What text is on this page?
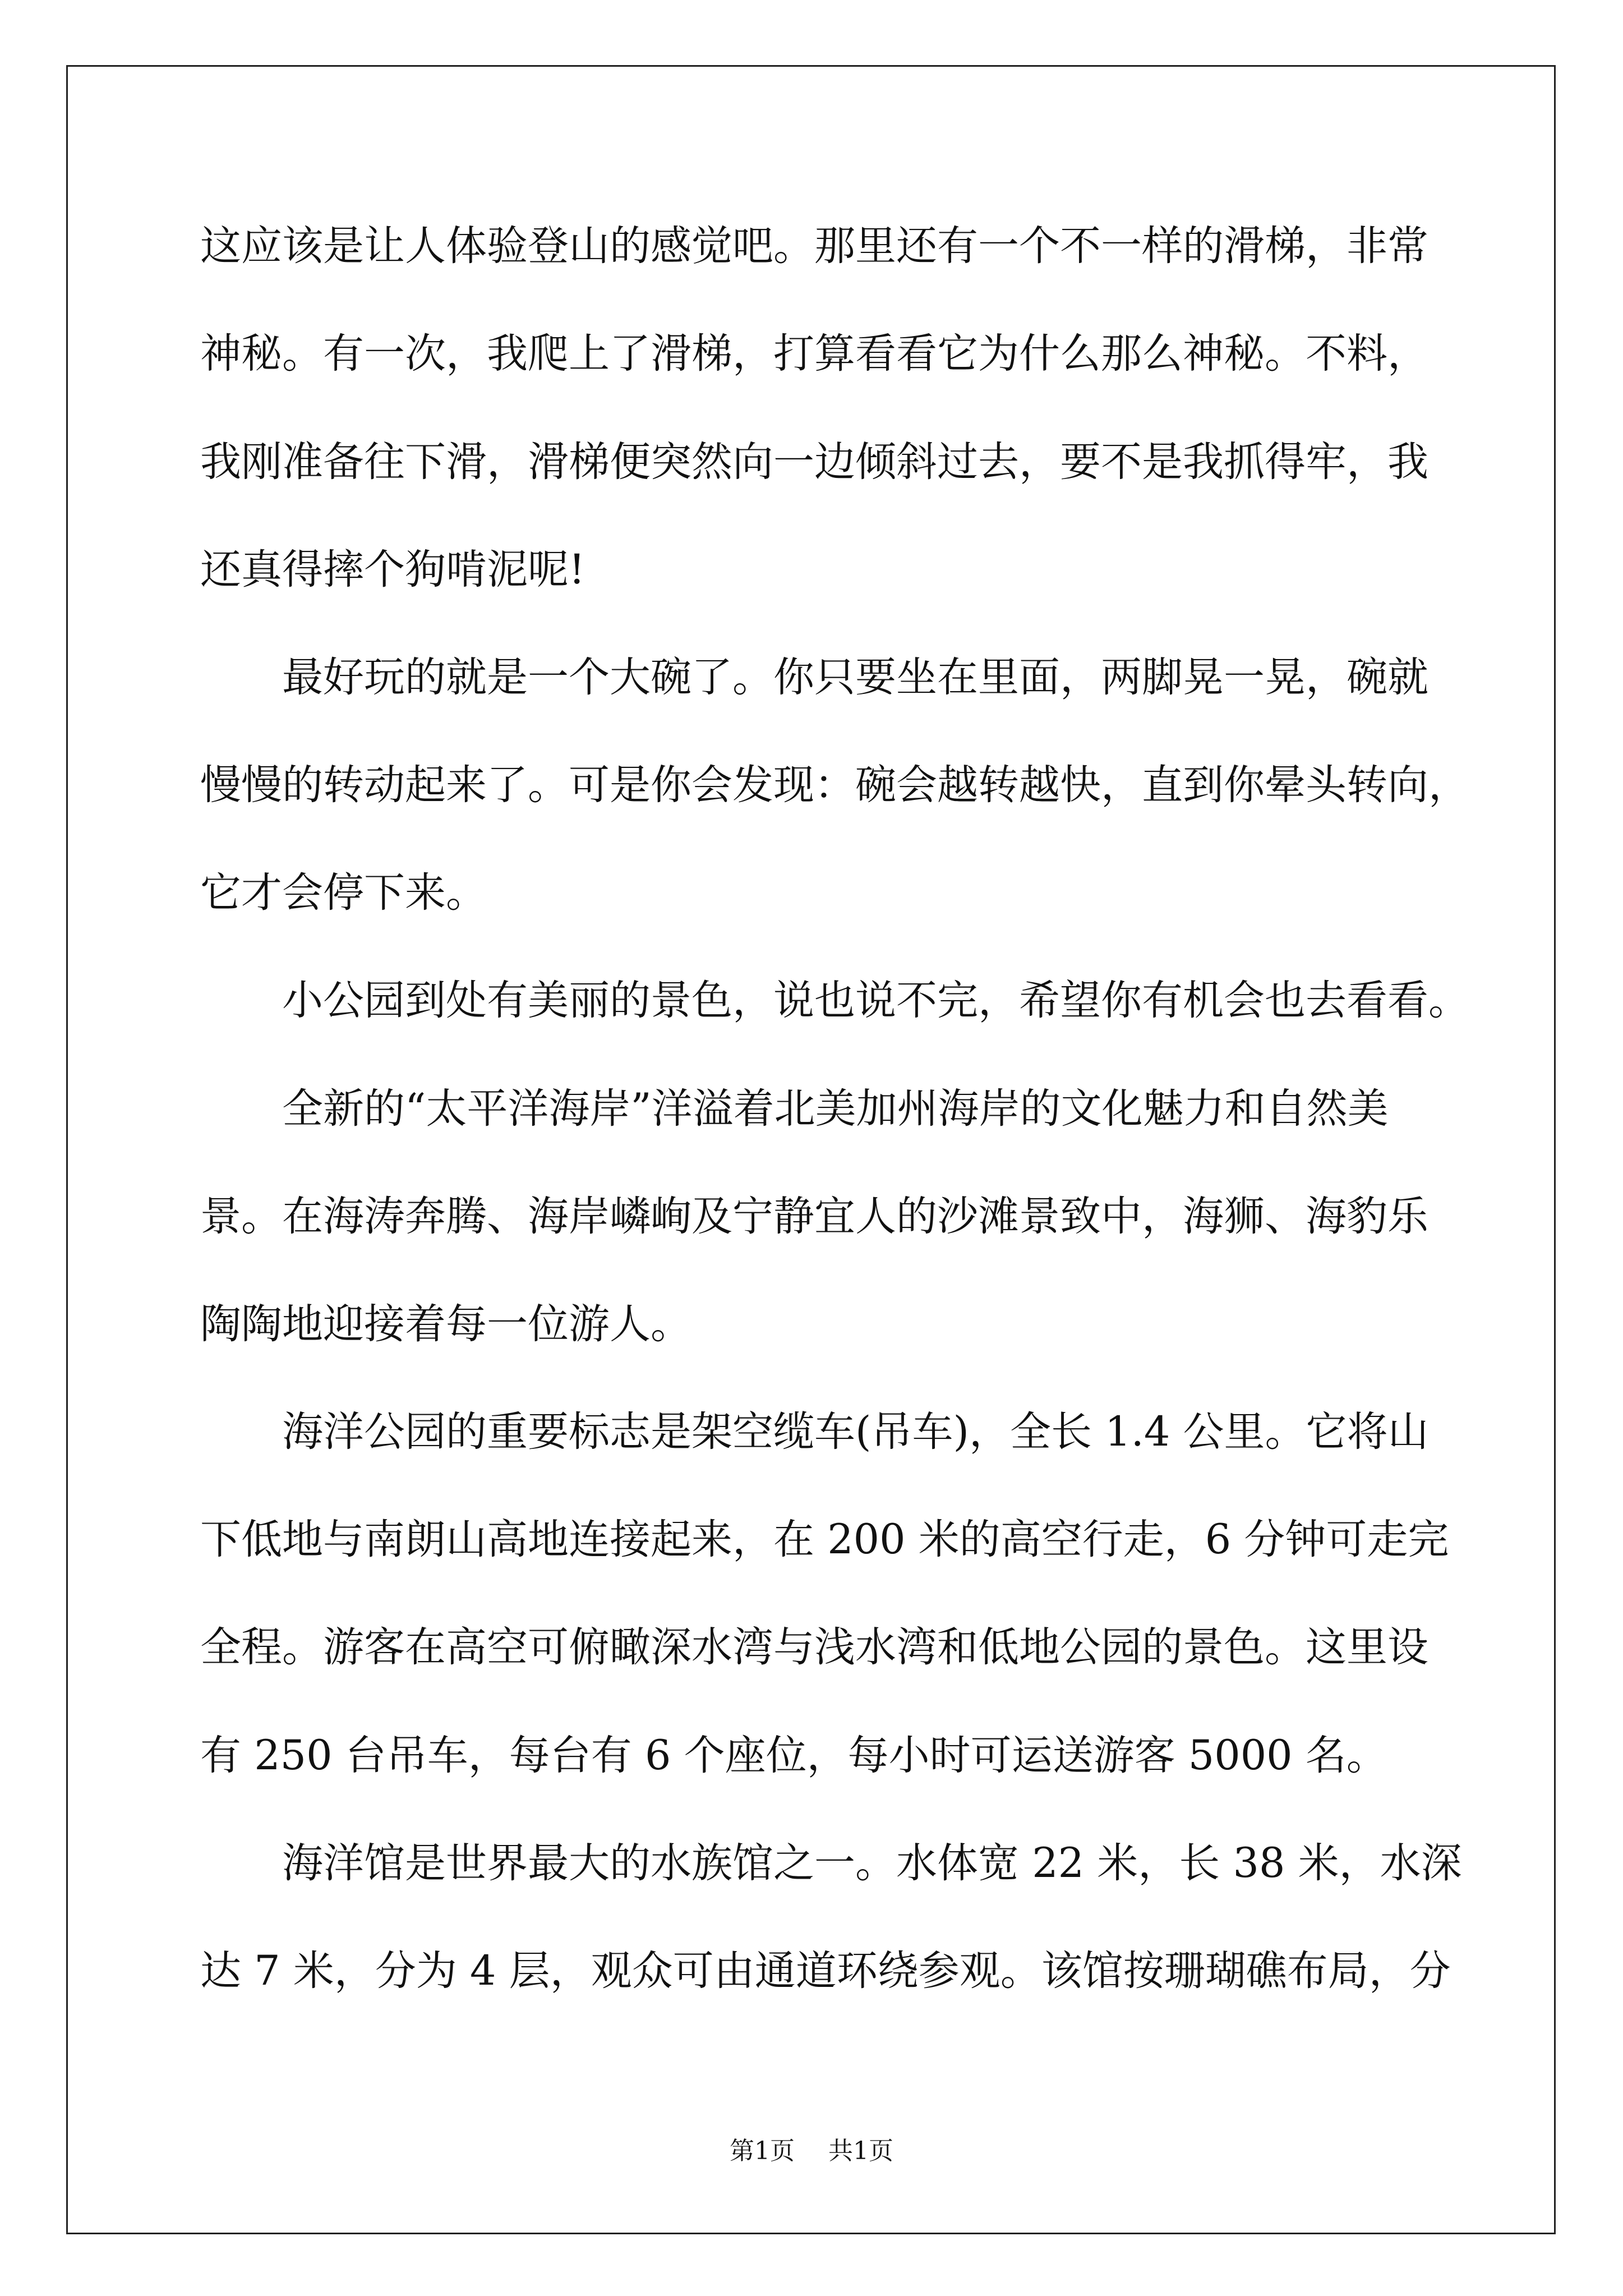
这应该是让人体验登山的感觉吧。那里还有一个不一样的滑梯，非常
神秘。有一次，我爬上了滑梯，打算看看它为什么那么神秘。不料，
我刚准备往下滑，滑梯便突然向一边倾斜过去，要不是我抓得牢，我
还真得摔个狗啃泥呢!
最好玩的就是一个大碗了。你只要坐在里面，两脚晃一晃，碗就
慢慢的转动起来了。可是你会发现：碗会越转越快，直到你晕头转向，
它才会停下来。
小公园到处有美丽的景色，说也说不完，希望你有机会也去看看。
全新的“太平洋海岸”洋溢着北美加州海岸的文化魅力和自然美
景。在海涛奔腾、海岸嶙峋及宁静宜人的沙滩景致中，海狮、海豹乐
陶陶地迎接着每一位游人。
海洋公园的重要标志是架空缆车(吊车)，全长 1.4 公里。它将山
下低地与南朗山高地连接起来，在 200 米的高空行走，6 分钟可走完
全程。游客在高空可俯瞰深水湾与浅水湾和低地公园的景色。这里设
有 250 台吊车，每台有 6 个座位，每小时可运送游客 5000 名。
海洋馆是世界最大的水族馆之一。水体宽 22 米，长 38 米，水深
达 7 米，分为 4 层，观众可由通道环绕参观。该馆按珊瑚礁布局，分
第1页 共1页
